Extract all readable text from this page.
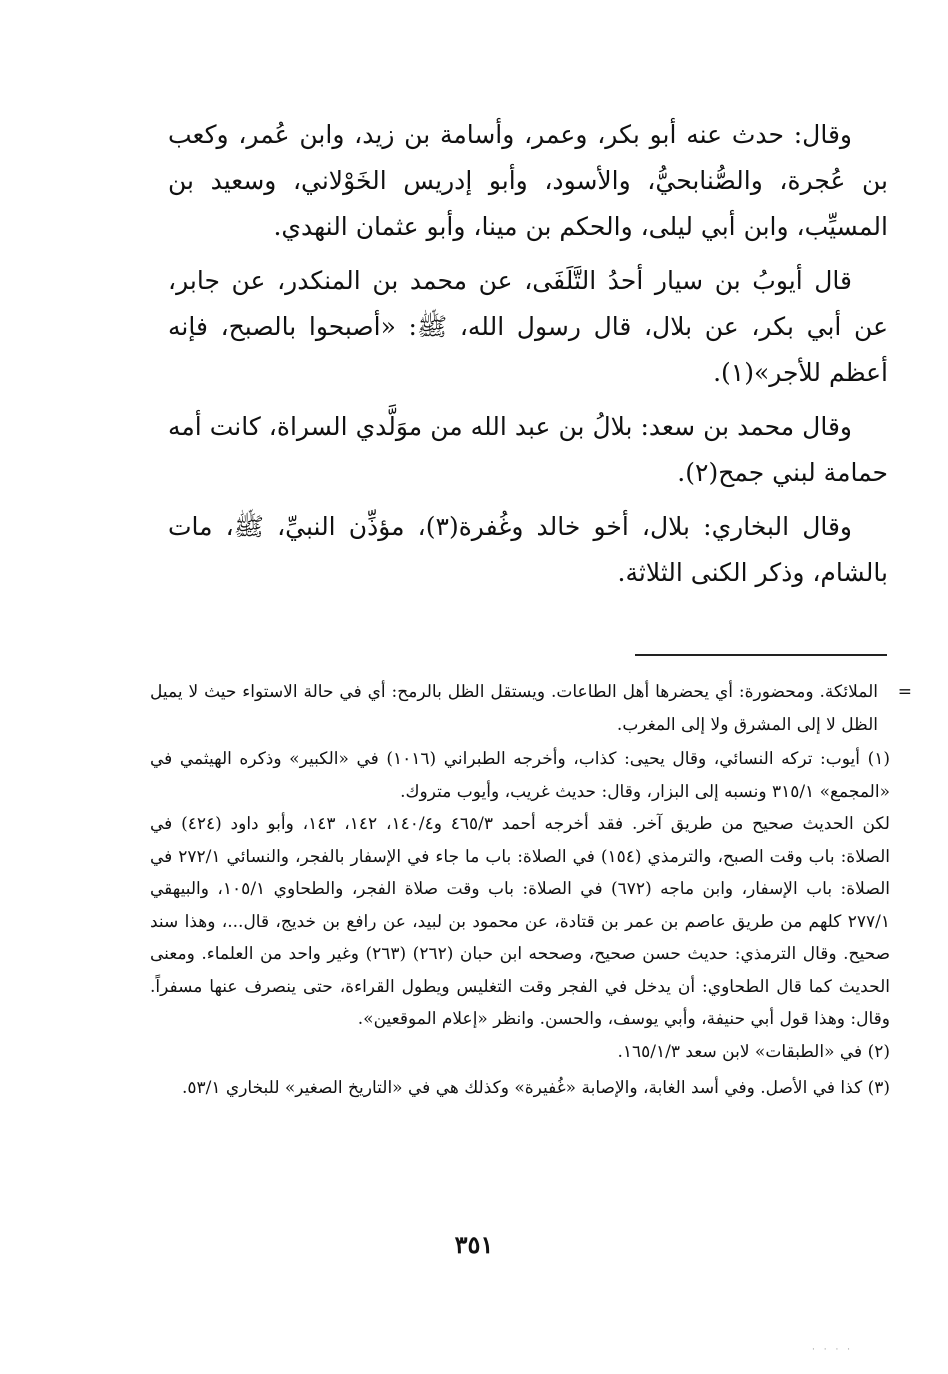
وقال: حدث عنه أبو بكر، وعمر، وأسامة بن زيد، وابن عُمر، وكعب بن عُجرة، والصُّنابحيُّ، والأسود، وأبو إدريس الخَوْلاني، وسعيد بن المسيِّب، وابن أبي ليلى، والحكم بن مينا، وأبو عثمان النهدي.

قال أيوبُ بن سيار أحدُ التَّلَفَى، عن محمد بن المنكدر، عن جابر، عن أبي بكر، عن بلال، قال رسول الله، ﷺ: «أصبحوا بالصبح، فإنه أعظم للأجر»(١).

وقال محمد بن سعد: بلالُ بن عبد الله من موَلَّدي السراة، كانت أمه حمامة لبني جمح(٢).

وقال البخاري: بلال، أخو خالد وغُفرة(٣)، مؤذِّن النبيِّ، ﷺ، مات بالشام، وذكر الكنى الثلاثة.

=
الملائكة. ومحضورة: أي يحضرها أهل الطاعات. ويستقل الظل بالرمح: أي في حالة الاستواء حيث لا يميل الظل لا إلى المشرق ولا إلى المغرب.

(١) أيوب: تركه النسائي، وقال يحيى: كذاب، وأخرجه الطبراني (١٠١٦) في «الكبير» وذكره الهيثمي في «المجمع» ٣١٥/١ ونسبه إلى البزار، وقال: حديث غريب، وأيوب متروك.

لكن الحديث صحيح من طريق آخر. فقد أخرجه أحمد ٤٦٥/٣ و١٤٠/٤، ١٤٢، ١٤٣، وأبو داود (٤٢٤) في الصلاة: باب وقت الصبح، والترمذي (١٥٤) في الصلاة: باب ما جاء في الإسفار بالفجر، والنسائي ٢٧٢/١ في الصلاة: باب الإسفار، وابن ماجه (٦٧٢) في الصلاة: باب وقت صلاة الفجر، والطحاوي ١٠٥/١، والبيهقي ٢٧٧/١ كلهم من طريق عاصم بن عمر بن قتادة، عن محمود بن لبيد، عن رافع بن خديج، قال...، وهذا سند صحيح. وقال الترمذي: حديث حسن صحيح، وصححه ابن حبان (٢٦٢) (٢٦٣) وغير واحد من العلماء. ومعنى الحديث كما قال الطحاوي: أن يدخل في الفجر وقت التغليس ويطول القراءة، حتى ينصرف عنها مسفراً. وقال: وهذا قول أبي حنيفة، وأبي يوسف، والحسن. وانظر «إعلام الموقعين».

(٢) في «الطبقات» لابن سعد ١٦٥/١/٣.

(٣) كذا في الأصل. وفي أسد الغابة، والإصابة «غُفيرة» وكذلك هي في «التاريخ الصغير» للبخاري ٥٣/١.

٣٥١
· · · ·
